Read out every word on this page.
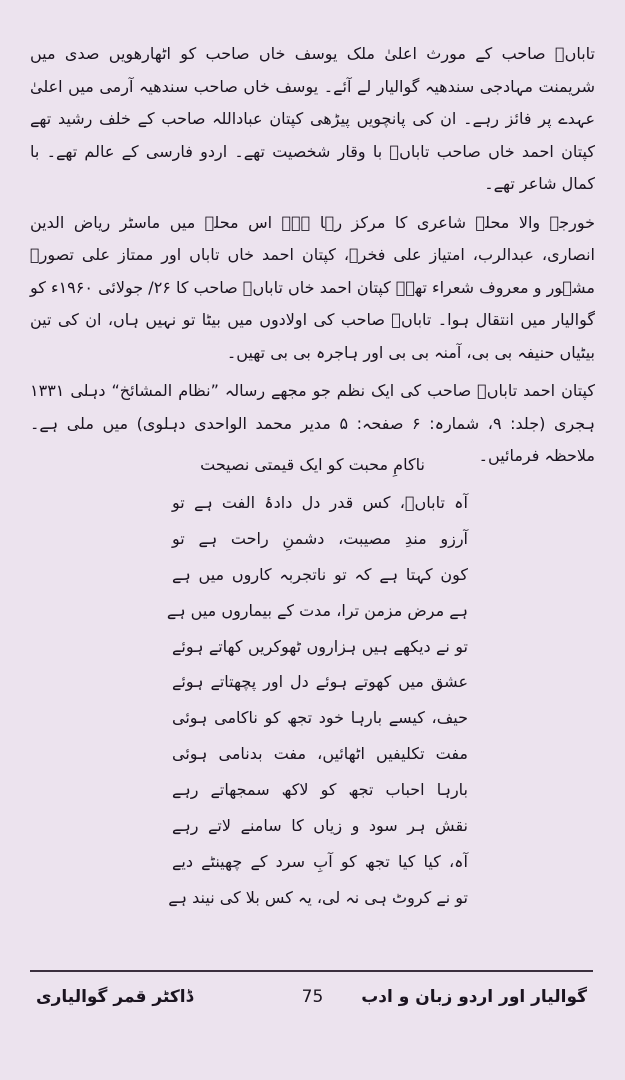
تاباںؔ صاحب کے مورث اعلیٰ ملک یوسف خاں صاحب کو اٹھارھویں صدی میں شریمنت مہادجی سندھیہ گوالیار لے آئے۔ یوسف خاں صاحب سندھیہ آرمی میں اعلیٰ عہدے پر فائز رہے۔ ان کی پانچویں پیڑھی کپتان عباداللہ صاحب کے خلف رشید تھے کپتان احمد خاں صاحب تاباںؔ با وقار شخصیت تھے۔ اردو فارسی کے عالم تھے۔ با کمال شاعر تھے۔

خورجہ والا محلہ شاعری کا مرکز رہا ہے۔ اس محلے میں ماسٹر ریاض الدین انصاری، عبدالرب، امتیاز علی فخرؔ، کپتان احمد خاں تاباں اور ممتاز علی تصورؔ مشہور و معروف شعراء تھے۔ کپتان احمد خاں تاباںؔ صاحب کا ۲۶/ جولائی ۱۹۶۰ء کو گوالیار میں انتقال ہوا۔ تاباںؔ صاحب کی اولادوں میں بیٹا تو نہیں ہاں، ان کی تین بیٹیاں حنیفہ بی بی، آمنہ بی بی اور ہاجرہ بی بی تھیں۔

کپتان احمد تاباںؔ صاحب کی ایک نظم جو مجھے رسالہ ”نظام المشائخ“ دہلی ۱۳۳۱ ہجری (جلد: ۹، شمارہ: ۶ صفحہ: ۵ مدیر محمد الواحدی دہلوی) میں ملی ہے۔ ملاحظہ فرمائیں۔

ناکامِ محبت کو ایک قیمتی نصیحت
آہ تاباںؔ، کس قدر دل دادۂ الفت ہے تو
آرزو مندِ مصیبت، دشمنِ راحت ہے تو
کون کہتا ہے کہ تو ناتجربہ کاروں میں ہے
ہے مرض مزمن ترا، مدت کے بیماروں میں ہے
تو نے دیکھے ہیں ہزاروں ٹھوکریں کھاتے ہوئے
عشق میں کھوتے ہوئے دل اور پچھتاتے ہوئے
حیف، کیسے بارہا خود تجھ کو ناکامی ہوئی
مفت تکلیفیں اٹھائیں، مفت بدنامی ہوئی
بارہا احباب تجھ کو لاکھ سمجھاتے رہے
نقش ہر سود و زیاں کا سامنے لاتے رہے
آہ، کیا کیا تجھ کو آبِ سرد کے چھینٹے دیے
تو نے کروٹ ہی نہ لی، یہ کس بلا کی نیند ہے
75	گوالیار اور اردو زبان و ادب
ڈاکٹر قمر گوالیاری
